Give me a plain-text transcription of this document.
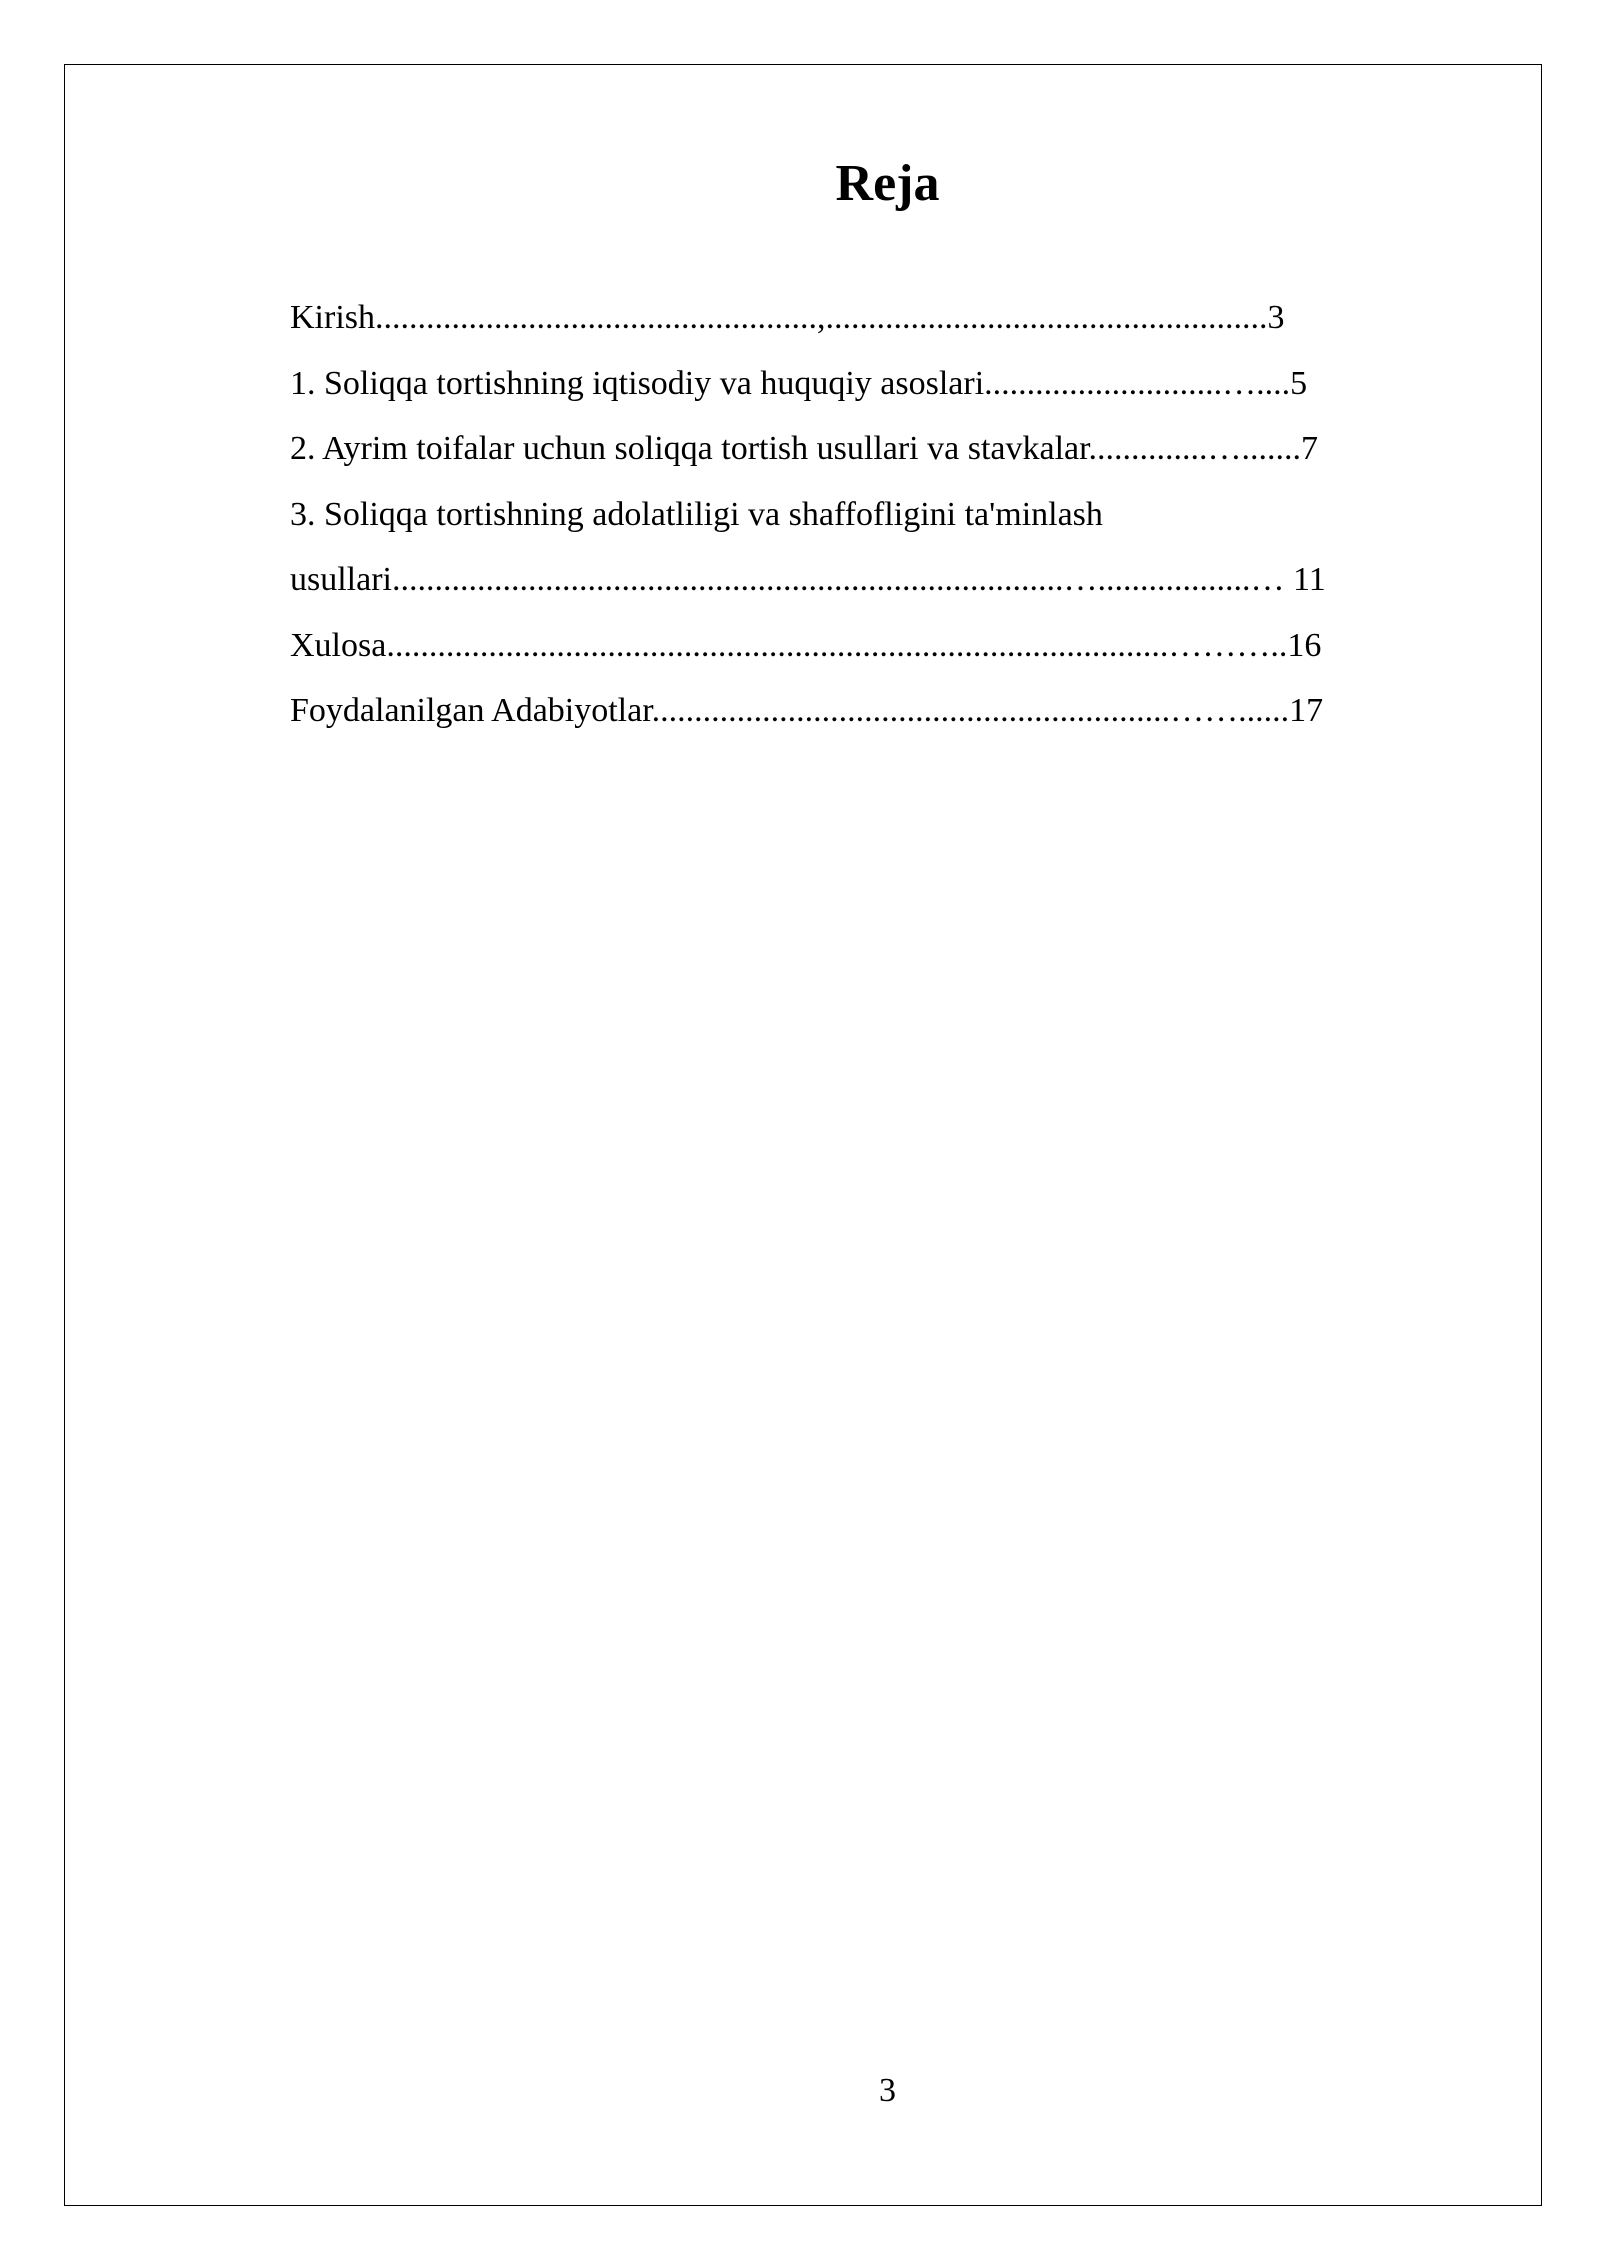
Reja
Kirish....................................................,....................................................3
1. Soliqqa tortishning iqtisodiy va huquqiy asoslari............................…....5
2. Ayrim toifalar uchun soliqqa tortish usullari va stavkalar..............….......7
3. Soliqqa tortishning adolatliligi va shaffofligini ta'minlash
usullari...............................................................................…..................… 11
Xulosa............................................................................................………..16
Foydalanilgan Adabiyotlar.............................................................……......17
3
